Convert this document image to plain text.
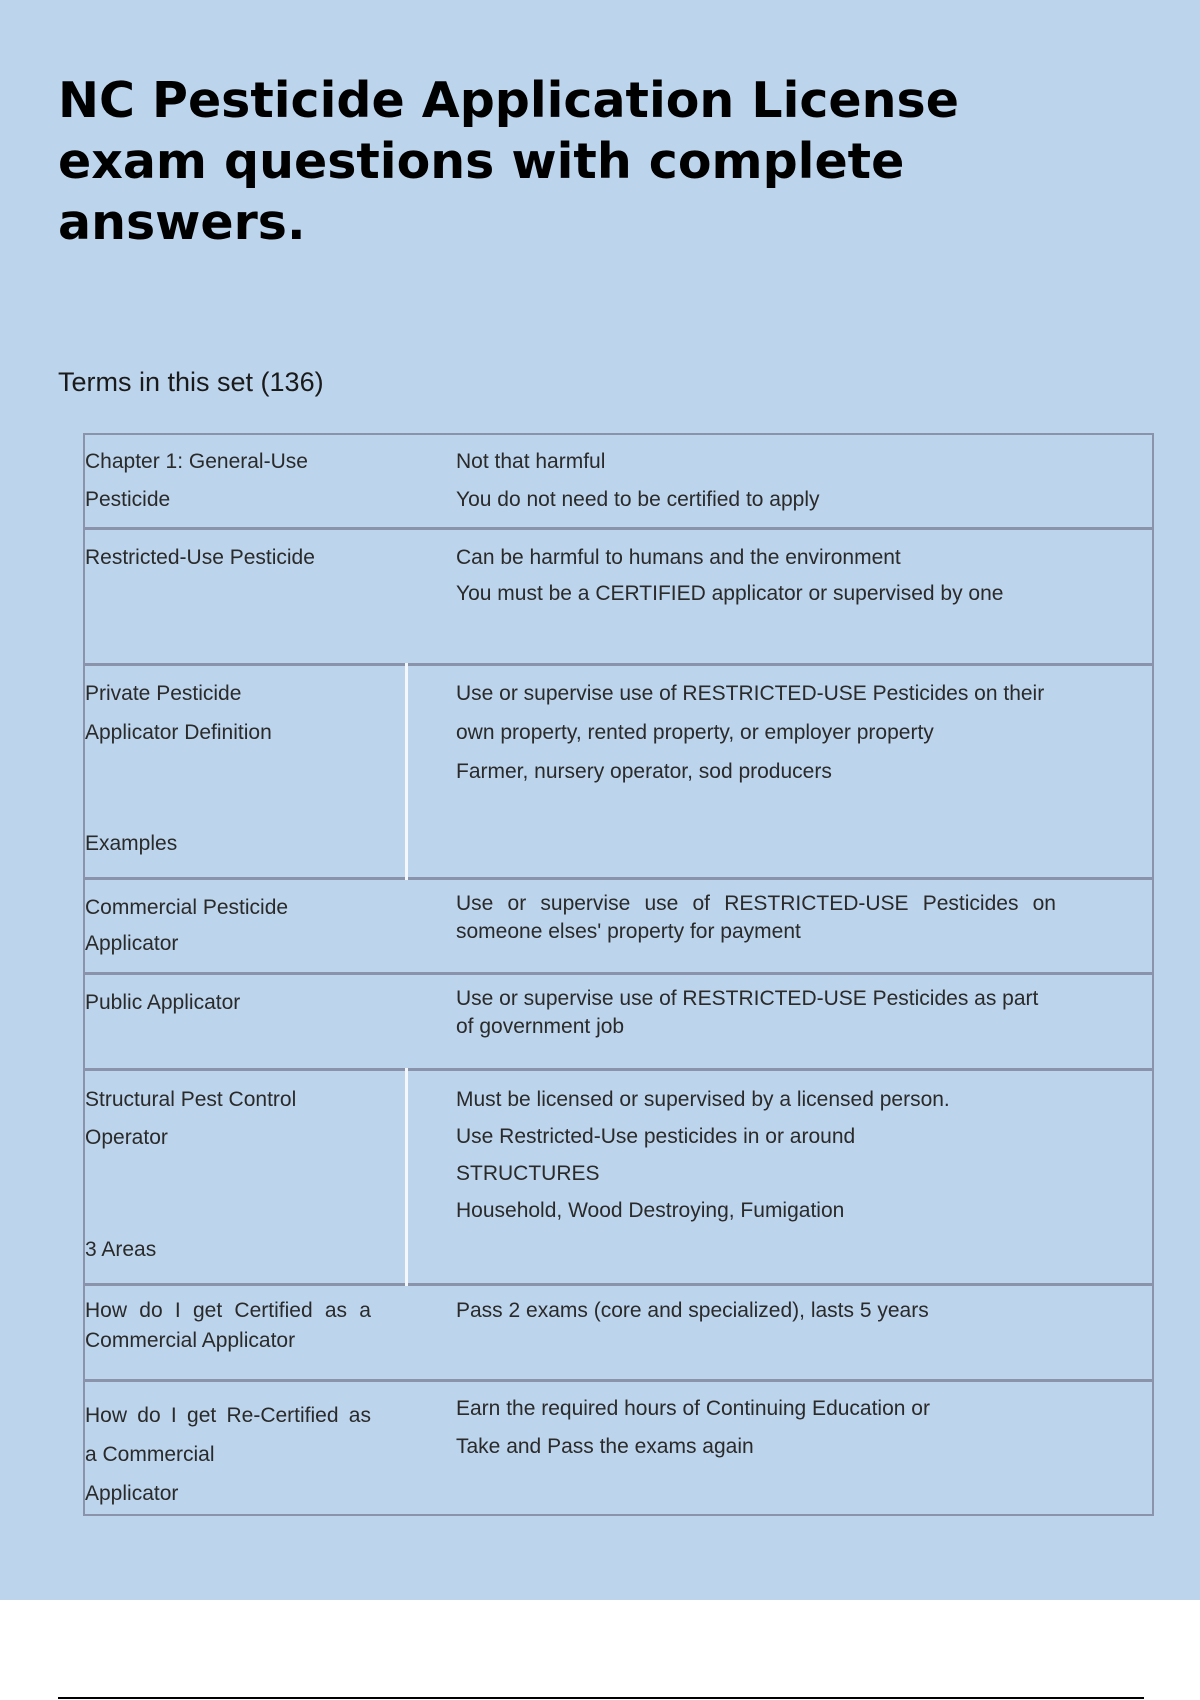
NC Pesticide Application License exam questions with complete answers.

Terms in this set (136)

Chapter 1: General-Use
Pesticide		Not that harmful
You do not need to be certified to apply

Restricted-Use Pesticide		Can be harmful to humans and the environment
You must be a CERTIFIED applicator or supervised by one

Private Pesticide
Applicator Definition
Examples		Use or supervise use of RESTRICTED-USE Pesticides on their
own property, rented property, or employer property
Farmer, nursery operator, sod producers

Commercial Pesticide
Applicator		Use or supervise use of RESTRICTED-USE Pesticides on
someone elses' property for payment

Public Applicator		Use or supervise use of RESTRICTED-USE Pesticides as part
of government job

Structural Pest Control
Operator
3 Areas		Must be licensed or supervised by a licensed person.
Use Restricted-Use pesticides in or around
STRUCTURES
Household, Wood Destroying, Fumigation

How do I get Certified as a
Commercial Applicator		Pass 2 exams (core and specialized), lasts 5 years

How do I get Re-Certified as
a Commercial
Applicator		Earn the required hours of Continuing Education or
Take and Pass the exams again
